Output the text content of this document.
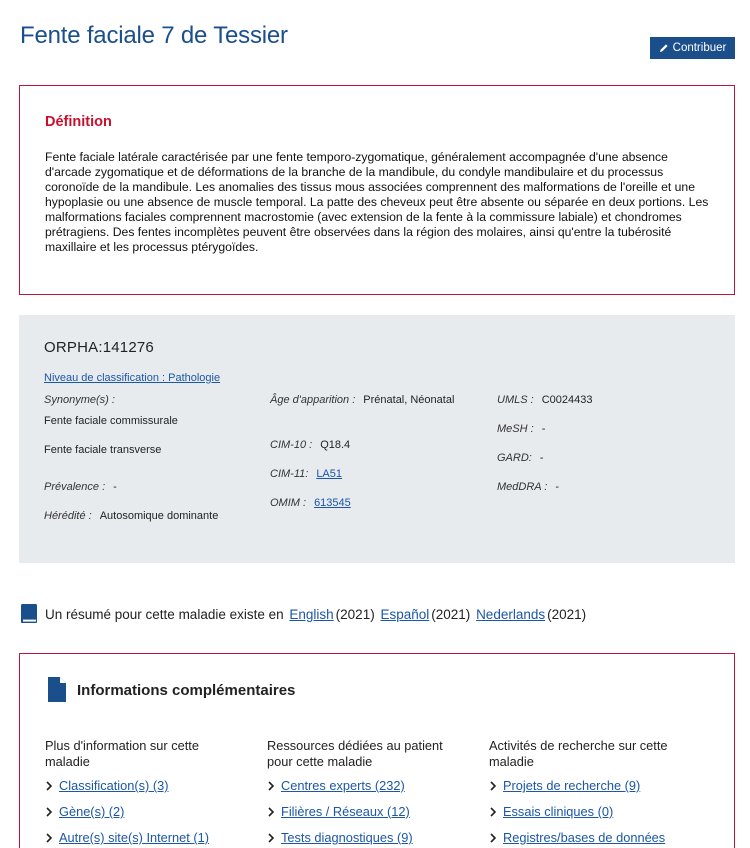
Fente faciale 7 de Tessier	Contribuer
Définition

Fente faciale latérale caractérisée par une fente temporo-zygomatique, généralement accompagnée d'une absence d'arcade zygomatique et de déformations de la branche de la mandibule, du condyle mandibulaire et du processus coronoïde de la mandibule. Les anomalies des tissus mous associées comprennent des malformations de l'oreille et une hypoplasie ou une absence de muscle temporal. La patte des cheveux peut être absente ou séparée en deux portions. Les malformations faciales comprennent macrostomie (avec extension de la fente à la commissure labiale) et chondromes prétragiens. Des fentes incomplètes peuvent être observées dans la région des molaires, ainsi qu'entre la tubérosité maxillaire et les processus ptérygoïdes.

ORPHA:141276
Niveau de classification : Pathologie
Synonyme(s) :
Fente faciale commissurale
Fente faciale transverse
Prévalence : -
Hérédité : Autosomique dominante
Âge d'apparition : Prénatal, Néonatal
CIM-10 : Q18.4
CIM-11: LA51
OMIM : 613545
UMLS : C0024433
MeSH : -
GARD: -
MedDRA : -
Un résumé pour cette maladie existe en
English (2021)
Español (2021)
Nederlands (2021)
Informations complémentaires
Plus d'information sur cette maladie
Classification(s) (3)
Gène(s) (2)
Autre(s) site(s) Internet (1)
Ressources dédiées au patient pour cette maladie
Centres experts (232)
Filières / Réseaux (12)
Tests diagnostiques (9)
Activités de recherche sur cette maladie
Projets de recherche (9)
Essais cliniques (0)
Registres/bases de données
